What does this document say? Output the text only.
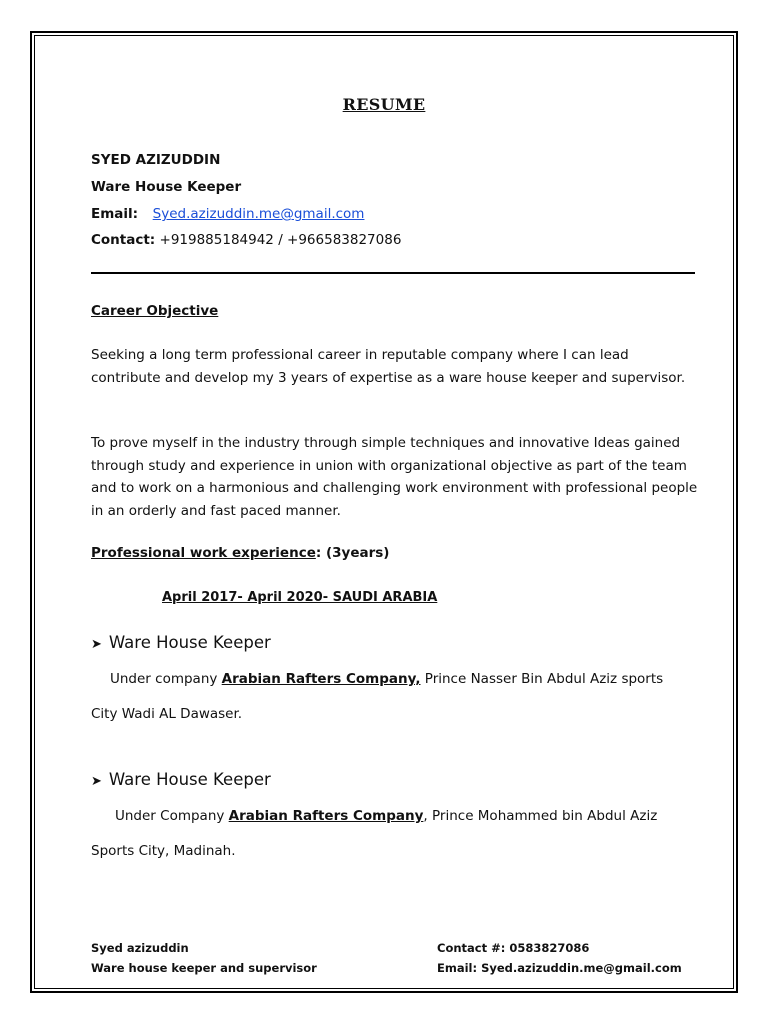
RESUME
SYED AZIZUDDIN
Ware House Keeper
Email: Syed.azizuddin.me@gmail.com
Contact: +919885184942 / +966583827086
Career Objective
Seeking a long term professional career in reputable company where I can lead contribute and develop my 3 years of expertise as a ware house keeper and supervisor.
To prove myself in the industry through simple techniques and innovative Ideas gained through study and experience in union with organizational objective as part of the team and to work on a harmonious and challenging work environment with professional people in an orderly and fast paced manner.
Professional work experience: (3years)
April 2017- April 2020- SAUDI ARABIA
➤ Ware House Keeper
Under company Arabian Rafters Company, Prince Nasser Bin Abdul Aziz sports
City Wadi AL Dawaser.
➤ Ware House Keeper
Under Company Arabian Rafters Company, Prince Mohammed bin Abdul Aziz
Sports City, Madinah.
Syed azizuddin
Ware house keeper and supervisor
Contact #: 0583827086
Email: Syed.azizuddin.me@gmail.com
